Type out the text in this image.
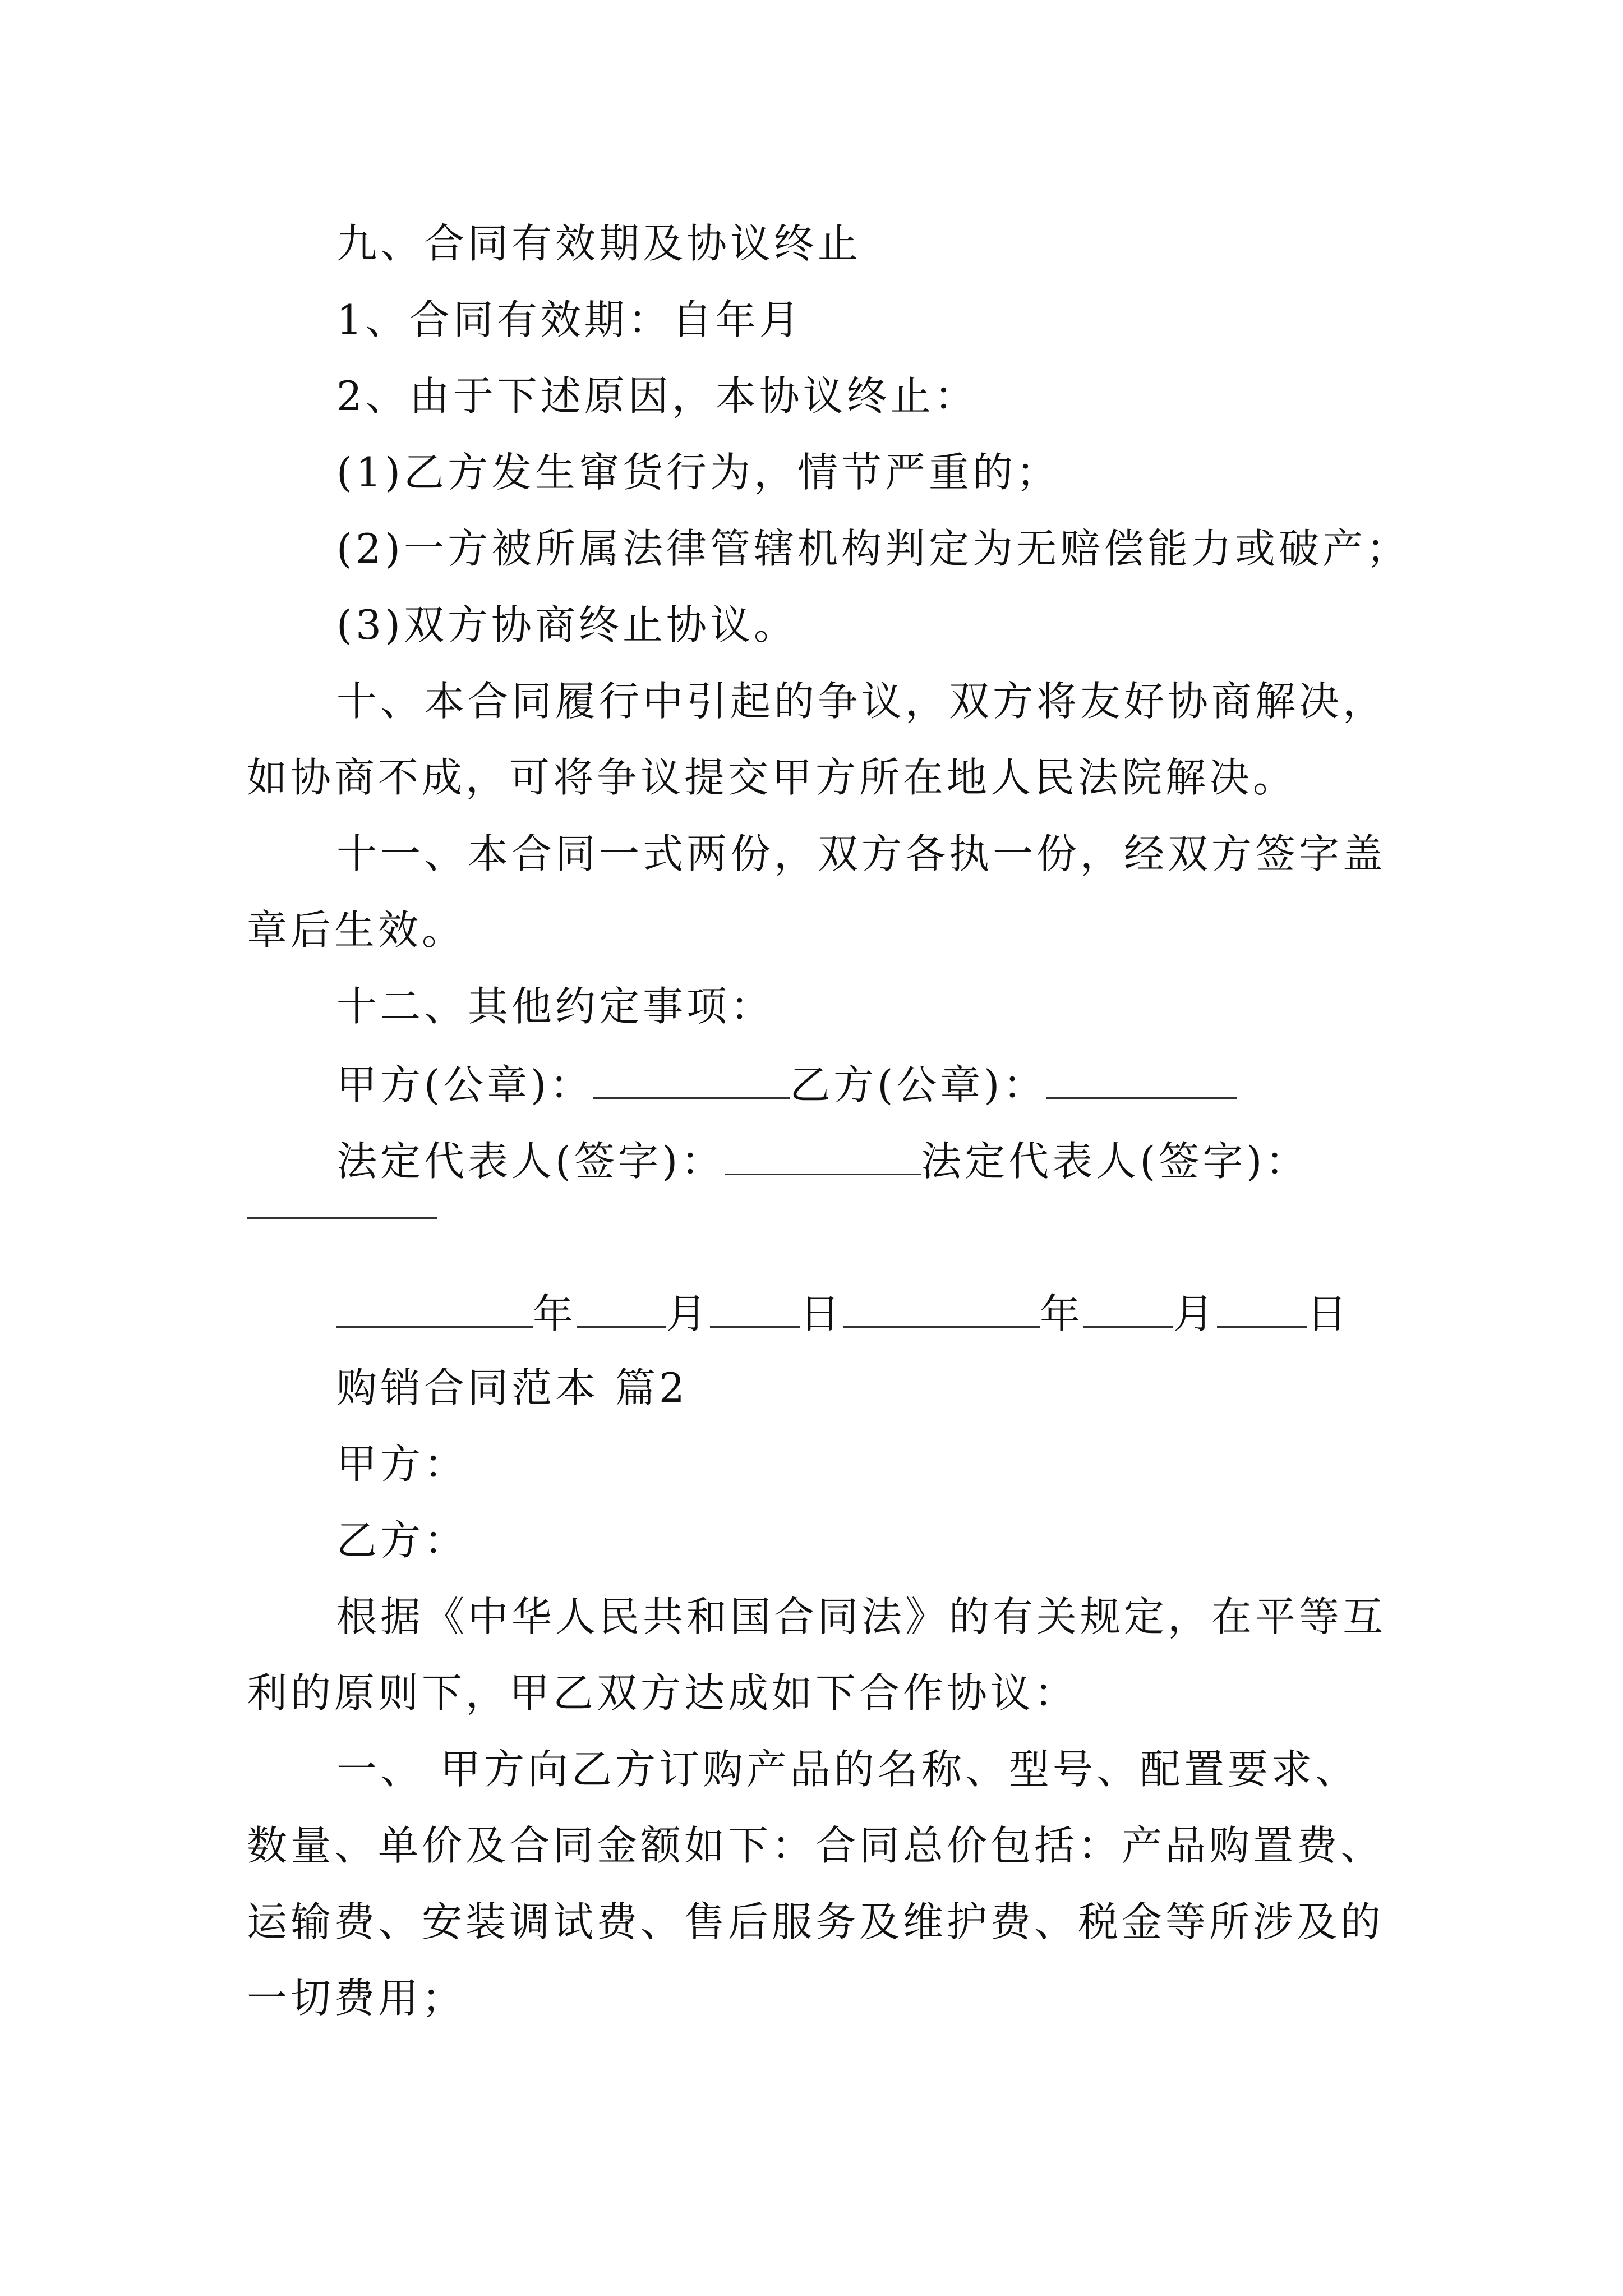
九、合同有效期及协议终止
1、合同有效期：自年月
2、由于下述原因，本协议终止：
(1)乙方发生窜货行为，情节严重的；
(2)一方被所属法律管辖机构判定为无赔偿能力或破产；
(3)双方协商终止协议。
十、本合同履行中引起的争议，双方将友好协商解决，
如协商不成，可将争议提交甲方所在地人民法院解决。
十一、本合同一式两份，双方各执一份，经双方签字盖
章后生效。
十二、其他约定事项：
甲方(公章)：	乙方(公章)：
法定代表人(签字)：	法定代表人(签字)：
年 月 日	年 月 日
购销合同范本 篇2
甲方：
乙方：
根据《中华人民共和国合同法》的有关规定，在平等互
利的原则下，甲乙双方达成如下合作协议：
一、 甲方向乙方订购产品的名称、型号、配置要求、
数量、单价及合同金额如下：合同总价包括：产品购置费、
运输费、安装调试费、售后服务及维护费、税金等所涉及的
一切费用；
